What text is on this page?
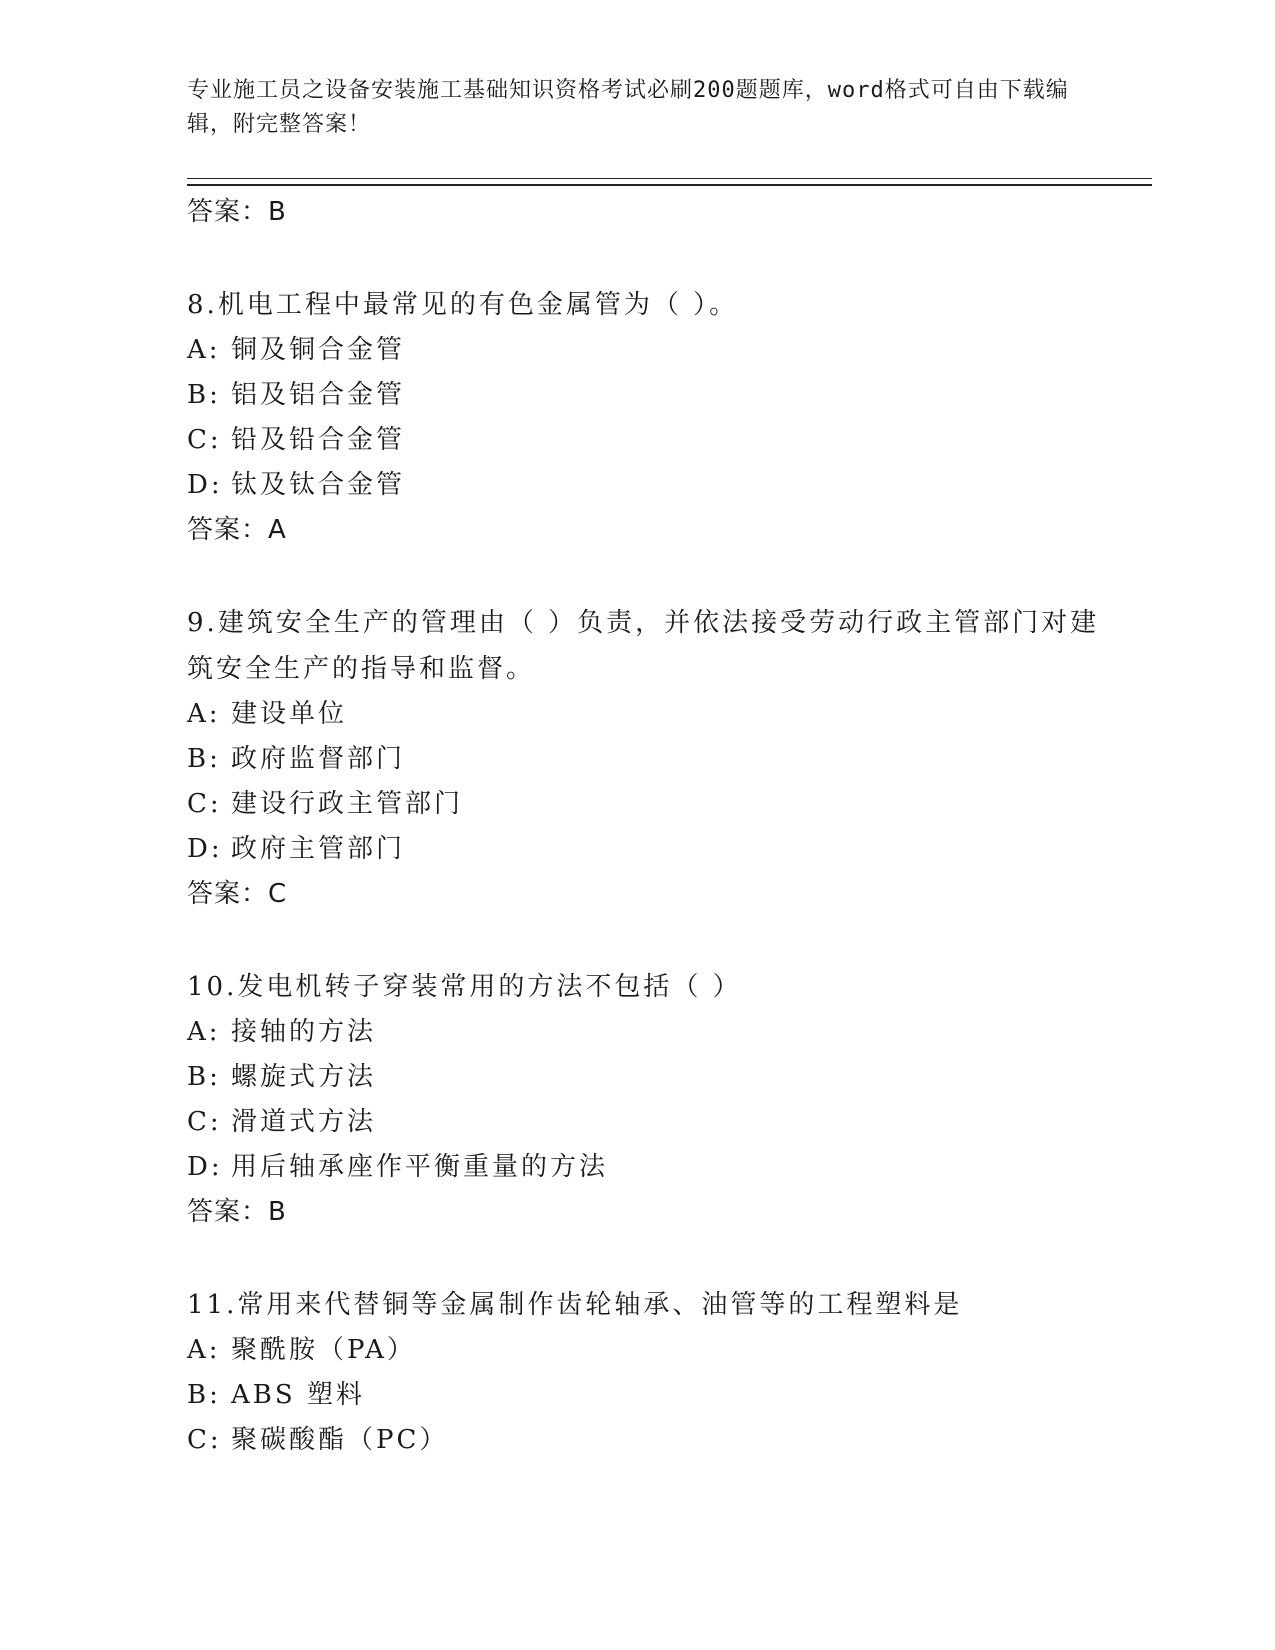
专业施工员之设备安装施工基础知识资格考试必刷200题题库，word格式可自由下载编辑，附完整答案！
答案：B
8.机电工程中最常见的有色金属管为（ ）。
A: 铜及铜合金管
B: 铝及铝合金管
C: 铅及铅合金管
D: 钛及钛合金管
答案：A
9.建筑安全生产的管理由（ ）负责，并依法接受劳动行政主管部门对建筑安全生产的指导和监督。
A: 建设单位
B: 政府监督部门
C: 建设行政主管部门
D: 政府主管部门
答案：C
10.发电机转子穿装常用的方法不包括（ ）
A: 接轴的方法
B: 螺旋式方法
C: 滑道式方法
D: 用后轴承座作平衡重量的方法
答案：B
11.常用来代替铜等金属制作齿轮轴承、油管等的工程塑料是
A: 聚酰胺（PA）
B: ABS 塑料
C: 聚碳酸酯（PC）
